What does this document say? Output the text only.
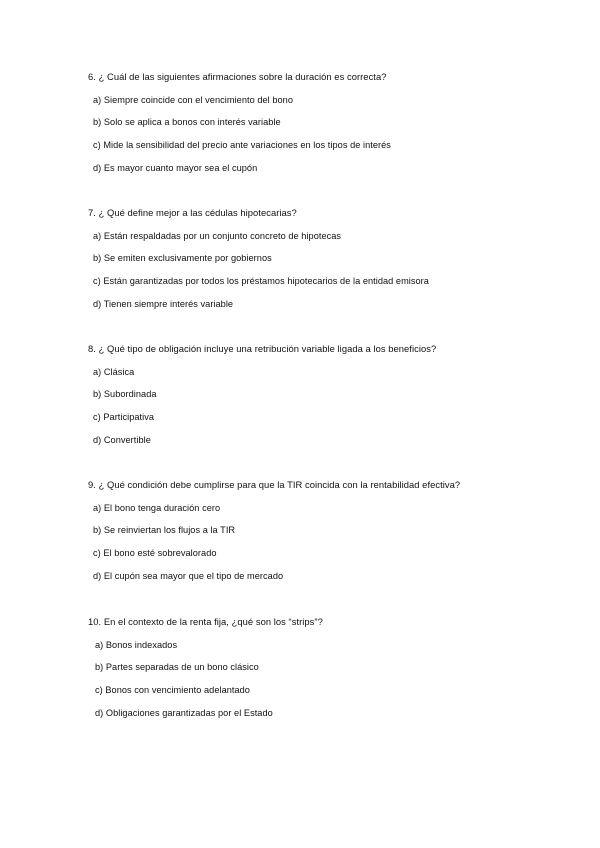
6. ¿ Cuál de las siguientes afirmaciones sobre la duración es correcta?
a) Siempre coincide con el vencimiento del bono
b) Solo se aplica a bonos con interés variable
c) Mide la sensibilidad del precio ante variaciones en los tipos de interés
d) Es mayor cuanto mayor sea el cupón
7. ¿ Qué define mejor a las cédulas hipotecarias?
a) Están respaldadas por un conjunto concreto de hipotecas
b) Se emiten exclusivamente por gobiernos
c) Están garantizadas por todos los préstamos hipotecarios de la entidad emisora
d) Tienen siempre interés variable
8. ¿ Qué tipo de obligación incluye una retribución variable ligada a los beneficios?
a) Clásica
b) Subordinada
c) Participativa
d) Convertible
9. ¿ Qué condición debe cumplirse para que la TIR coincida con la rentabilidad efectiva?
a) El bono tenga duración cero
b) Se reinviertan los flujos a la TIR
c) El bono esté sobrevalorado
d) El cupón sea mayor que el tipo de mercado
10. En el contexto de la renta fija, ¿qué son los “strips”?
a) Bonos indexados
b) Partes separadas de un bono clásico
c) Bonos con vencimiento adelantado
d) Obligaciones garantizadas por el Estado
